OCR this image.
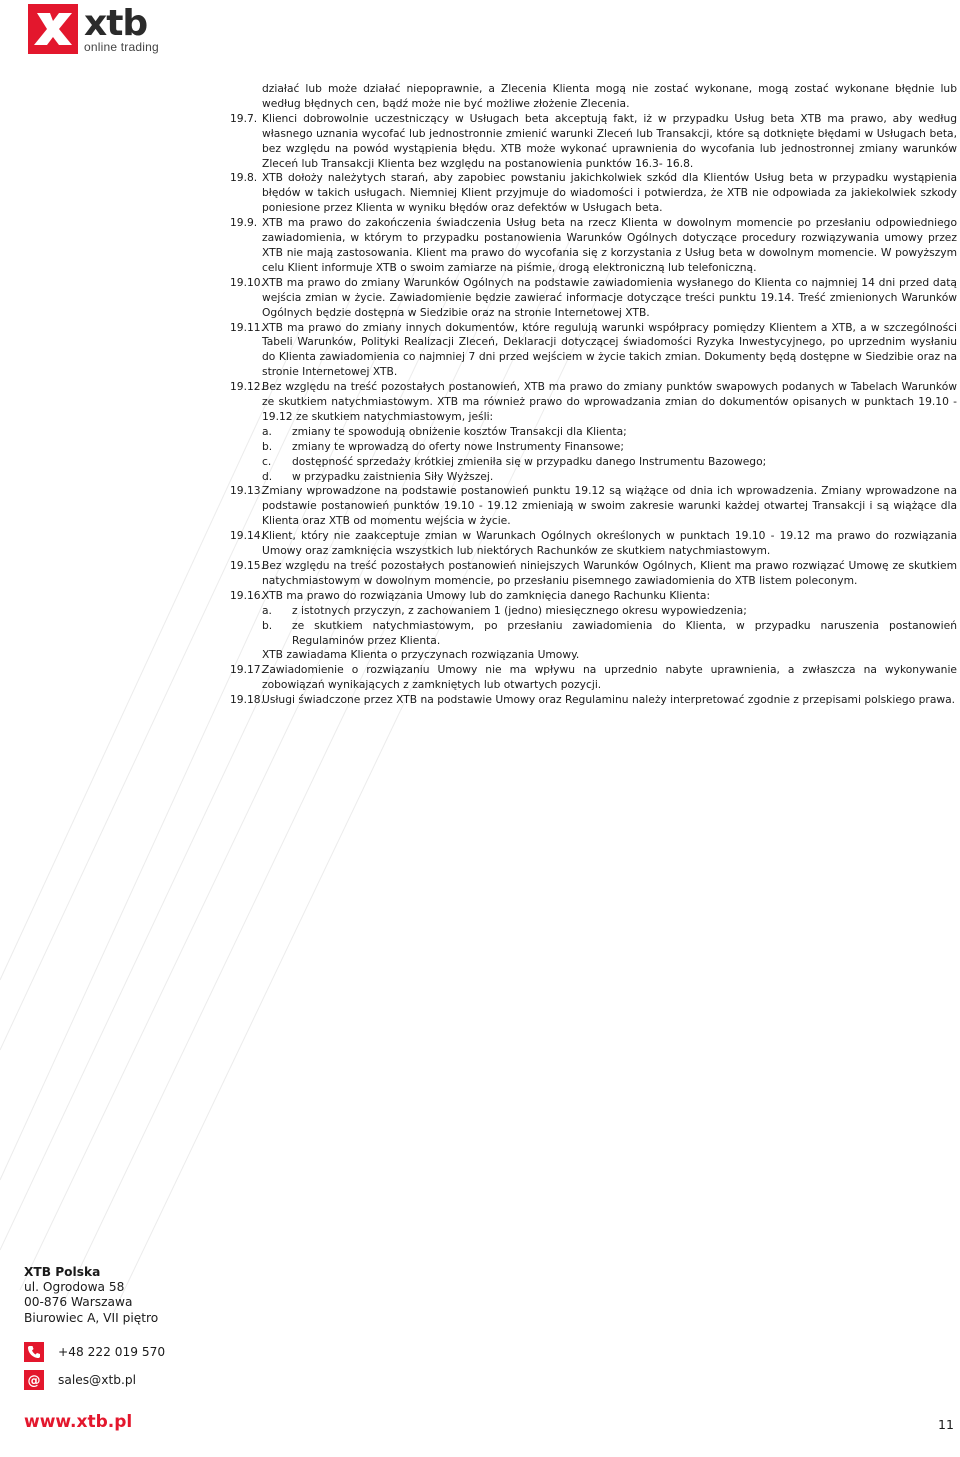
xtb
online trading

działać lub może działać niepoprawnie, a Zlecenia Klienta mogą nie zostać wykonane, mogą zostać wykonane błędnie lub według błędnych cen, bądź może nie być możliwe złożenie Zlecenia.

19.7. Klienci dobrowolnie uczestniczący w Usługach beta akceptują fakt, iż w przypadku Usług beta XTB ma prawo, aby według własnego uznania wycofać lub jednostronnie zmienić warunki Zleceń lub Transakcji, które są dotknięte błędami w Usługach beta, bez względu na powód wystąpienia błędu. XTB może wykonać uprawnienia do wycofania lub jednostronnej zmiany warunków Zleceń lub Transakcji Klienta bez względu na postanowienia punktów 16.3- 16.8.

19.8. XTB dołoży należytych starań, aby zapobiec powstaniu jakichkolwiek szkód dla Klientów Usług beta w przypadku wystąpienia błędów w takich usługach. Niemniej Klient przyjmuje do wiadomości i potwierdza, że XTB nie odpowiada za jakiekolwiek szkody poniesione przez Klienta w wyniku błędów oraz defektów w Usługach beta.

19.9. XTB ma prawo do zakończenia świadczenia Usług beta na rzecz Klienta w dowolnym momencie po przesłaniu odpowiedniego zawiadomienia, w którym to przypadku postanowienia Warunków Ogólnych dotyczące procedury rozwiązywania umowy przez XTB nie mają zastosowania. Klient ma prawo do wycofania się z korzystania z Usług beta w dowolnym momencie. W powyższym celu Klient informuje XTB o swoim zamiarze na piśmie, drogą elektroniczną lub telefoniczną.

19.10.

XTB ma prawo do zmiany Warunków Ogólnych na podstawie zawiadomienia wysłanego do Klienta co najmniej 14 dni przed datą wejścia zmian w życie. Zawiadomienie będzie zawierać informacje dotyczące treści punktu 19.14. Treść zmienionych Warunków Ogólnych będzie dostępna w Siedzibie oraz na stronie Internetowej XTB.

19.11.

XTB ma prawo do zmiany innych dokumentów, które regulują warunki współpracy pomiędzy Klientem a XTB, a w szczególności Tabeli Warunków, Polityki Realizacji Zleceń, Deklaracji dotyczącej świadomości Ryzyka Inwestycyjnego, po uprzednim wysłaniu do Klienta zawiadomienia co najmniej 7 dni przed wejściem w życie takich zmian. Dokumenty będą dostępne w Siedzibie oraz na stronie Internetowej XTB.

19.12.

Bez względu na treść pozostałych postanowień, XTB ma prawo do zmiany punktów swapowych podanych w Tabelach Warunków ze skutkiem natychmiastowym. XTB ma również prawo do wprowadzania zmian do dokumentów opisanych w punktach 19.10 - 19.12 ze skutkiem natychmiastowym, jeśli:

a. zmiany te spowodują obniżenie kosztów Transakcji dla Klienta;

b. zmiany te wprowadzą do oferty nowe Instrumenty Finansowe;

c. dostępność sprzedaży krótkiej zmieniła się w przypadku danego Instrumentu Bazowego;

d. w przypadku zaistnienia Siły Wyższej.

19.13.

Zmiany wprowadzone na podstawie postanowień punktu 19.12 są wiążące od dnia ich wprowadzenia. Zmiany wprowadzone na podstawie postanowień punktów 19.10 - 19.12 zmieniają w swoim zakresie warunki każdej otwartej Transakcji i są wiążące dla Klienta oraz XTB od momentu wejścia w życie.

19.14.

Klient, który nie zaakceptuje zmian w Warunkach Ogólnych określonych w punktach 19.10 - 19.12 ma prawo do rozwiązania Umowy oraz zamknięcia wszystkich lub niektórych Rachunków ze skutkiem natychmiastowym.

19.15.

Bez względu na treść pozostałych postanowień niniejszych Warunków Ogólnych, Klient ma prawo rozwiązać Umowę ze skutkiem natychmiastowym w dowolnym momencie, po przesłaniu pisemnego zawiadomienia do XTB listem poleconym.

19.16.

XTB ma prawo do rozwiązania Umowy lub do zamknięcia danego Rachunku Klienta:

a. z istotnych przyczyn, z zachowaniem 1 (jedno) miesięcznego okresu wypowiedzenia;

b. ze skutkiem natychmiastowym, po przesłaniu zawiadomienia do Klienta, w przypadku naruszenia postanowień Regulaminów przez Klienta.

XTB zawiadama Klienta o przyczynach rozwiązania Umowy.

19.17.

Zawiadomienie o rozwiązaniu Umowy nie ma wpływu na uprzednio nabyte uprawnienia, a zwłaszcza na wykonywanie zobowiązań wynikających z zamkniętych lub otwartych pozycji.

19.18.

Usługi świadczone przez XTB na podstawie Umowy oraz Regulaminu należy interpretować zgodnie z przepisami polskiego prawa.

XTB Polska
ul. Ogrodowa 58
00-876 Warszawa
Biurowiec A, VII piętro
+48 222 019 570
@ sales@xtb.pl
www.xtb.pl	11
